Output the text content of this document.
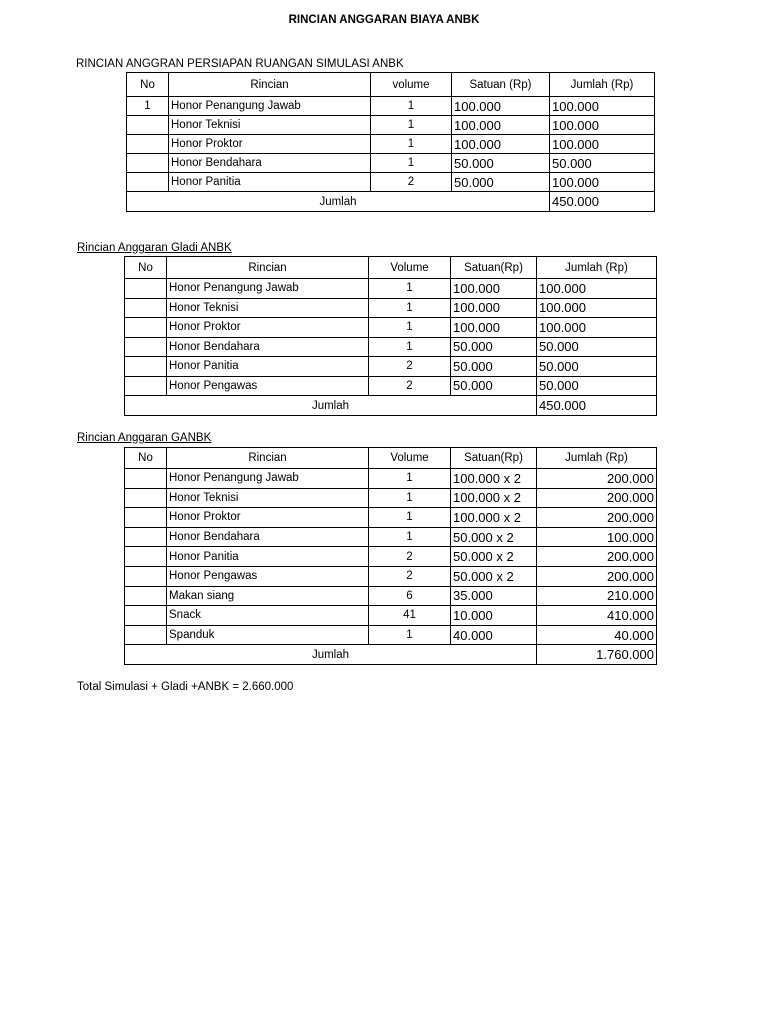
RINCIAN ANGGARAN BIAYA ANBK
RINCIAN ANGGRAN PERSIAPAN RUANGAN SIMULASI ANBK
No	Rincian	volume	Satuan (Rp)	Jumlah (Rp)
1	Honor Penangung Jawab	1	100.000	100.000
	Honor Teknisi	1	100.000	100.000
	Honor Proktor	1	100.000	100.000
	Honor Bendahara	1	50.000	50.000
	Honor Panitia	2	50.000	100.000
Jumlah				450.000
Rincian Anggaran Gladi ANBK
No	Rincian	Volume	Satuan(Rp)	Jumlah (Rp)
	Honor Penangung Jawab	1	100.000	100.000
	Honor Teknisi	1	100.000	100.000
	Honor Proktor	1	100.000	100.000
	Honor Bendahara	1	50.000	50.000
	Honor Panitia	2	50.000	50.000
	Honor Pengawas	2	50.000	50.000
Jumlah				450.000
Rincian Anggaran GANBK
No	Rincian	Volume	Satuan(Rp)	Jumlah (Rp)
	Honor Penangung Jawab	1	100.000 x 2	200.000
	Honor Teknisi	1	100.000 x 2	200.000
	Honor Proktor	1	100.000 x 2	200.000
	Honor Bendahara	1	50.000 x 2	100.000
	Honor Panitia	2	50.000 x 2	200.000
	Honor Pengawas	2	50.000 x 2	200.000
	Makan siang	6	35.000	210.000
	Snack	41	10.000	410.000
	Spanduk	1	40.000	40.000
Jumlah				1.760.000
Total Simulasi + Gladi +ANBK = 2.660.000
